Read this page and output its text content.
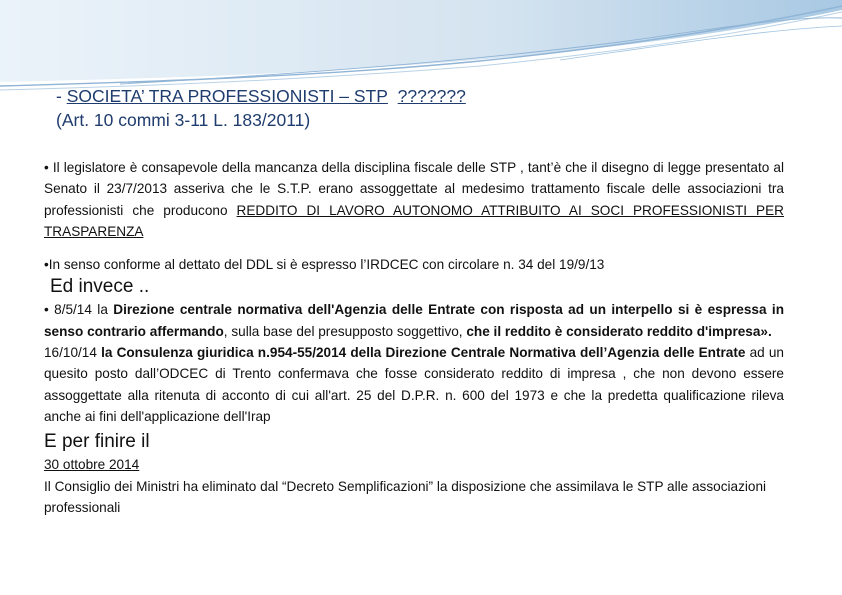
- SOCIETA’ TRA PROFESSIONISTI – STP ???????
(Art. 10 commi 3-11 L. 183/2011)

• Il legislatore è consapevole della mancanza della disciplina fiscale delle STP , tant’è che il disegno di legge presentato al Senato il 23/7/2013 asseriva che le S.T.P. erano assoggettate al medesimo trattamento fiscale delle associazioni tra professionisti che producono REDDITO DI LAVORO AUTONOMO ATTRIBUITO AI SOCI PROFESSIONISTI PER TRASPARENZA

•In senso conforme al dettato del DDL si è espresso l’IRDCEC con circolare n. 34 del 19/9/13

Ed invece ..

• 8/5/14 la Direzione centrale normativa dell'Agenzia delle Entrate con risposta ad un interpello si è espressa in senso contrario affermando, sulla base del presupposto soggettivo, che il reddito è considerato reddito d'impresa».

16/10/14 la Consulenza giuridica n.954-55/2014 della Direzione Centrale Normativa dell’Agenzia delle Entrate ad un quesito posto dall’ODCEC di Trento confermava che fosse considerato reddito di impresa , che non devono essere assoggettate alla ritenuta di acconto di cui all'art. 25 del D.P.R. n. 600 del 1973 e che la predetta qualificazione rileva anche ai fini dell'applicazione dell'Irap

E per finire il

30 ottobre 2014

Il Consiglio dei Ministri ha eliminato dal “Decreto Semplificazioni” la disposizione che assimilava le STP alle associazioni professionali
